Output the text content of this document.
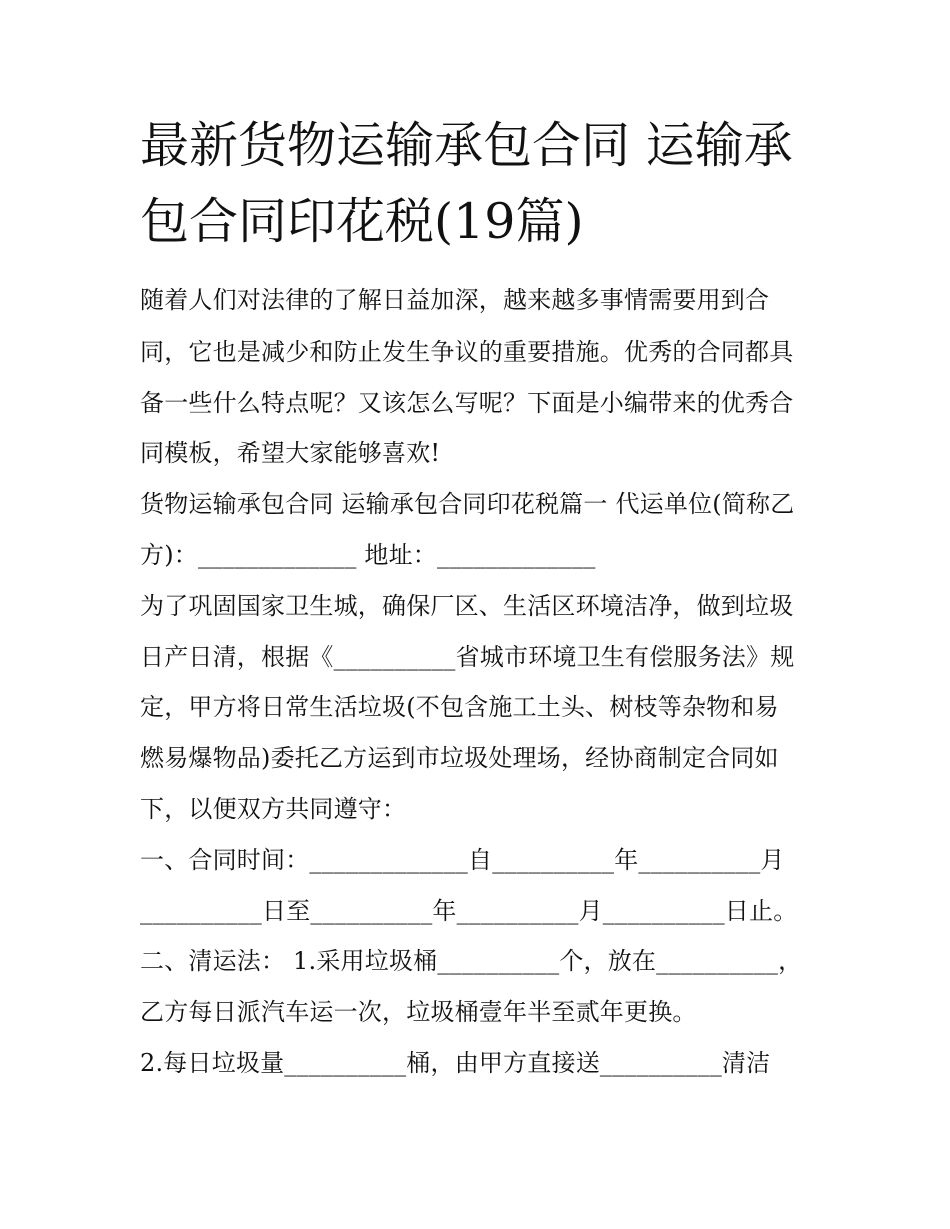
最新货物运输承包合同 运输承
包合同印花税(19篇)
随着人们对法律的了解日益加深，越来越多事情需要用到合
同，它也是减少和防止发生争议的重要措施。优秀的合同都具
备一些什么特点呢？又该怎么写呢？下面是小编带来的优秀合
同模板，希望大家能够喜欢!
货物运输承包合同 运输承包合同印花税篇一 代运单位(简称乙
方)：_____________ 地址：_____________
为了巩固国家卫生城，确保厂区、生活区环境洁净，做到垃圾
日产日清，根据《__________省城市环境卫生有偿服务法》规
定，甲方将日常生活垃圾(不包含施工土头、树枝等杂物和易
燃易爆物品)委托乙方运到市垃圾处理场，经协商制定合同如
下，以便双方共同遵守：
一、合同时间：_____________自__________年__________月
__________日至__________年__________月__________日止。
二、清运法： 1.采用垃圾桶__________个，放在__________，
乙方每日派汽车运一次，垃圾桶壹年半至贰年更换。
2.每日垃圾量__________桶，由甲方直接送__________清洁
